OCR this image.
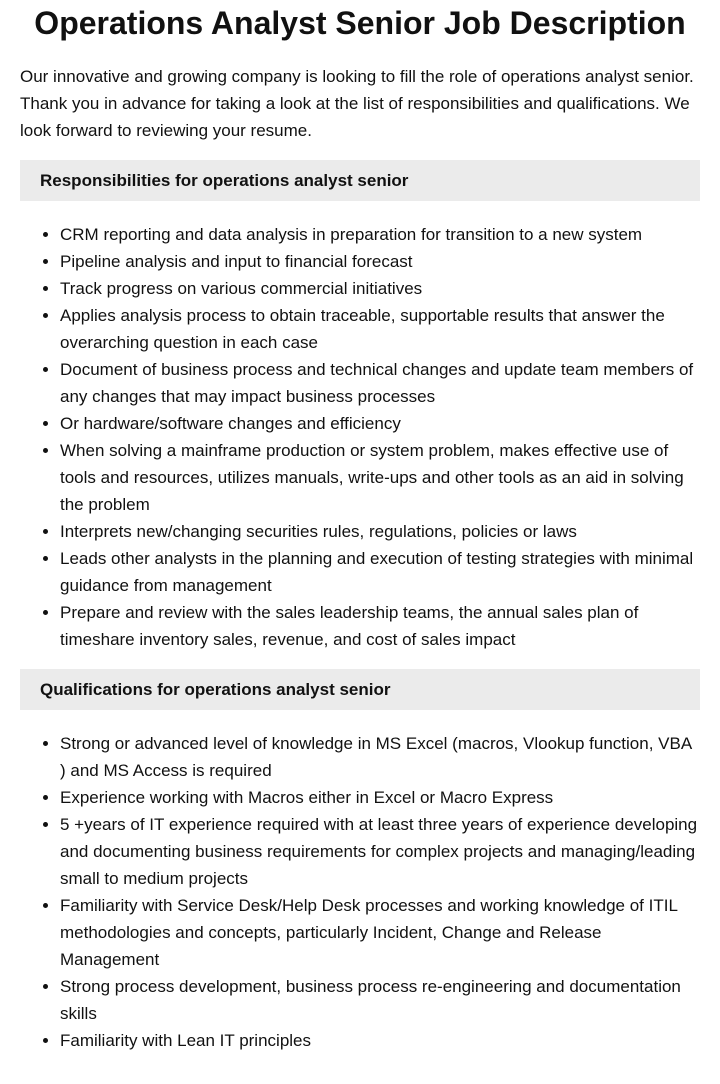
Operations Analyst Senior Job Description

Our innovative and growing company is looking to fill the role of operations analyst senior. Thank you in advance for taking a look at the list of responsibilities and qualifications. We look forward to reviewing your resume.

Responsibilities for operations analyst senior
• CRM reporting and data analysis in preparation for transition to a new system
• Pipeline analysis and input to financial forecast
• Track progress on various commercial initiatives
• Applies analysis process to obtain traceable, supportable results that answer the overarching question in each case
• Document of business process and technical changes and update team members of any changes that may impact business processes
• Or hardware/software changes and efficiency
• When solving a mainframe production or system problem, makes effective use of tools and resources, utilizes manuals, write-ups and other tools as an aid in solving the problem
• Interprets new/changing securities rules, regulations, policies or laws
• Leads other analysts in the planning and execution of testing strategies with minimal guidance from management
• Prepare and review with the sales leadership teams, the annual sales plan of timeshare inventory sales, revenue, and cost of sales impact
Qualifications for operations analyst senior
• Strong or advanced level of knowledge in MS Excel (macros, Vlookup function, VBA ) and MS Access is required
• Experience working with Macros either in Excel or Macro Express
• 5 +years of IT experience required with at least three years of experience developing and documenting business requirements for complex projects and managing/leading small to medium projects
• Familiarity with Service Desk/Help Desk processes and working knowledge of ITIL methodologies and concepts, particularly Incident, Change and Release Management
• Strong process development, business process re-engineering and documentation skills
• Familiarity with Lean IT principles
